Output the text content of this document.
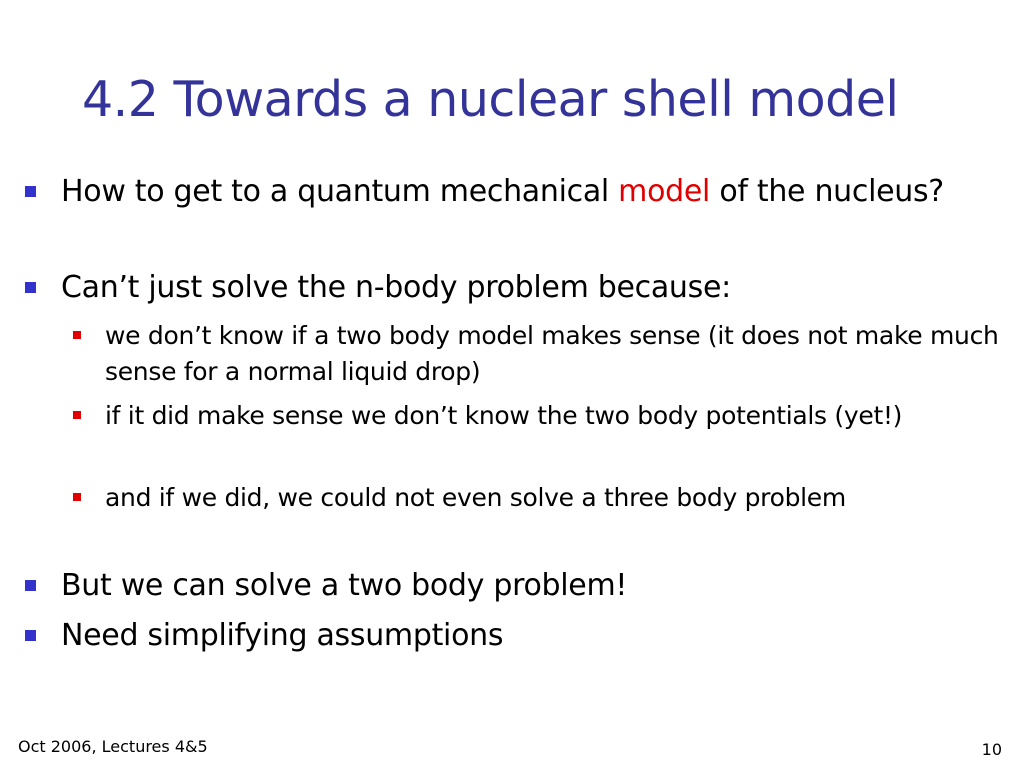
4.2 Towards a nuclear shell model
How to get to a quantum mechanical model of the nucleus?
Can’t just solve the n-body problem because:
we don’t know if a two body model makes sense (it does not make much sense for a normal liquid drop)
if it did make sense we don’t know the two body potentials (yet!)
and if we did, we could not even solve a three body problem
But we can solve a two body problem!
Need simplifying assumptions
Oct 2006, Lectures 4&5	10
